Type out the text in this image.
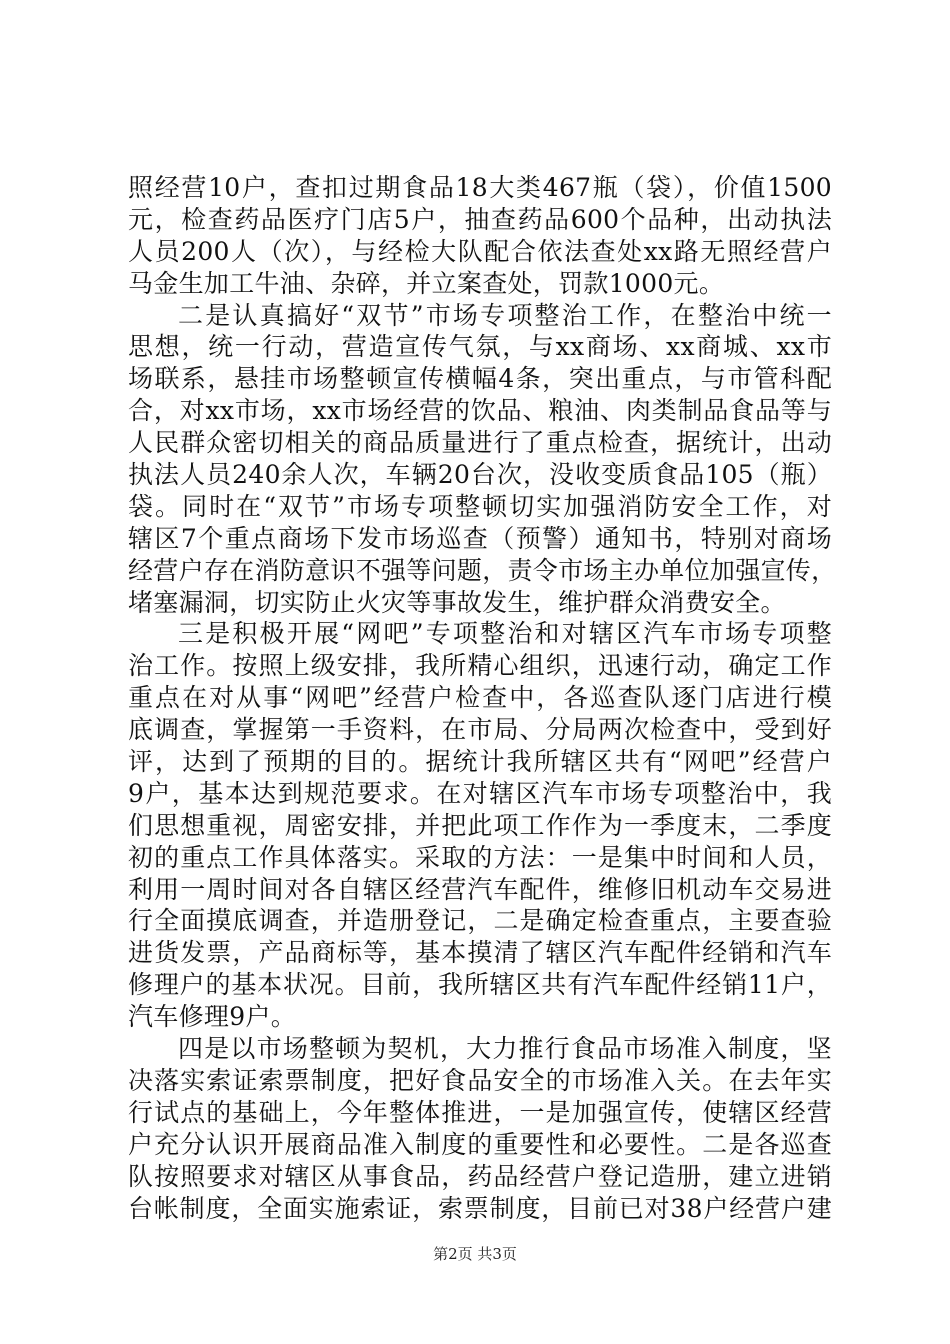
照经营10户，查扣过期食品18大类467瓶（袋），价值1500
元，检查药品医疗门店5户，抽查药品600个品种，出动执法
人员200人（次），与经检大队配合依法查处xx路无照经营户
马金生加工牛油、杂碎，并立案查处，罚款1000元。
二是认真搞好“双节”市场专项整治工作，在整治中统一
思想，统一行动，营造宣传气氛，与xx商场、xx商城、xx市
场联系，悬挂市场整顿宣传横幅4条，突出重点，与市管科配
合，对xx市场，xx市场经营的饮品、粮油、肉类制品食品等与
人民群众密切相关的商品质量进行了重点检查，据统计，出动
执法人员240余人次，车辆20台次，没收变质食品105（瓶）
袋。同时在“双节”市场专项整顿切实加强消防安全工作，对
辖区7个重点商场下发市场巡查（预警）通知书，特别对商场
经营户存在消防意识不强等问题，责令市场主办单位加强宣传，
堵塞漏洞，切实防止火灾等事故发生，维护群众消费安全。
三是积极开展“网吧”专项整治和对辖区汽车市场专项整
治工作。按照上级安排，我所精心组织，迅速行动，确定工作
重点在对从事“网吧”经营户检查中，各巡查队逐门店进行模
底调查，掌握第一手资料，在市局、分局两次检查中，受到好
评，达到了预期的目的。据统计我所辖区共有“网吧”经营户
9户，基本达到规范要求。在对辖区汽车市场专项整治中，我
们思想重视，周密安排，并把此项工作作为一季度末，二季度
初的重点工作具体落实。采取的方法：一是集中时间和人员，
利用一周时间对各自辖区经营汽车配件，维修旧机动车交易进
行全面摸底调查，并造册登记，二是确定检查重点，主要查验
进货发票，产品商标等，基本摸清了辖区汽车配件经销和汽车
修理户的基本状况。目前，我所辖区共有汽车配件经销11户，
汽车修理9户。
四是以市场整顿为契机，大力推行食品市场准入制度，坚
决落实索证索票制度，把好食品安全的市场准入关。在去年实
行试点的基础上，今年整体推进，一是加强宣传，使辖区经营
户充分认识开展商品准入制度的重要性和必要性。二是各巡查
队按照要求对辖区从事食品，药品经营户登记造册，建立进销
台帐制度，全面实施索证，索票制度，目前已对38户经营户建
第2页 共3页
